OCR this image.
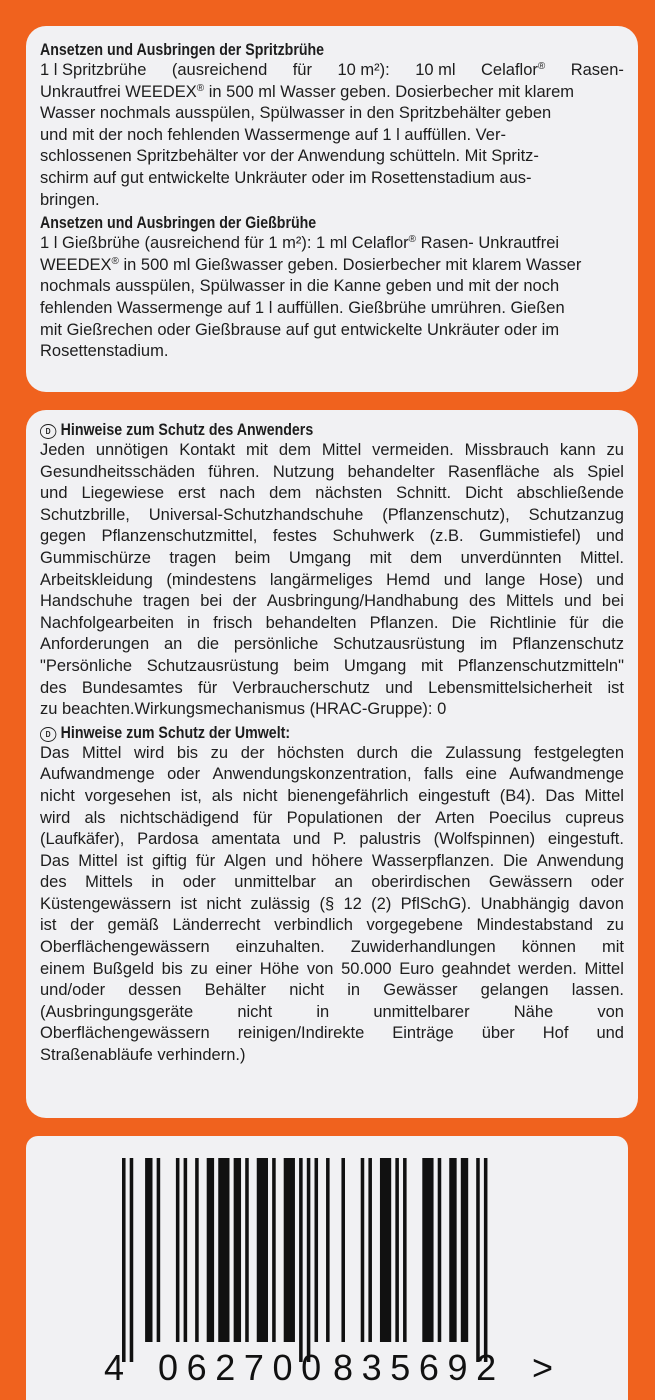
Ansetzen und Ausbringen der Spritzbrühe
1 l Spritzbrühe (ausreichend für 10 m²): 10 ml Celaflor® Rasen-
Unkrautfrei WEEDEX® in 500 ml Wasser geben. Dosierbecher mit klarem
Wasser nochmals ausspülen, Spülwasser in den Spritzbehälter geben
und mit der noch fehlenden Wassermenge auf 1 l auffüllen. Ver-
schlossenen Spritzbehälter vor der Anwendung schütteln. Mit Spritz-
schirm auf gut entwickelte Unkräuter oder im Rosettenstadium aus-
bringen.
Ansetzen und Ausbringen der Gießbrühe
1 l Gießbrühe (ausreichend für 1 m²): 1 ml Celaflor® Rasen- Unkrautfrei
WEEDEX® in 500 ml Gießwasser geben. Dosierbecher mit klarem Wasser
nochmals ausspülen, Spülwasser in die Kanne geben und mit der noch
fehlenden Wassermenge auf 1 l auffüllen. Gießbrühe umrühren. Gießen
mit Gießrechen oder Gießbrause auf gut entwickelte Unkräuter oder im
Rosettenstadium.
D Hinweise zum Schutz des Anwenders
Jeden unnötigen Kontakt mit dem Mittel vermeiden. Missbrauch kann zu
Gesundheitsschäden führen. Nutzung behandelter Rasenfläche als Spiel
und Liegewiese erst nach dem nächsten Schnitt. Dicht abschließende
Schutzbrille, Universal-Schutzhandschuhe (Pflanzenschutz), Schutzanzug
gegen Pflanzenschutzmittel, festes Schuhwerk (z.B. Gummistiefel) und
Gummischürze tragen beim Umgang mit dem unverdünnten Mittel.
Arbeitskleidung (mindestens langärmeliges Hemd und lange Hose) und
Handschuhe tragen bei der Ausbringung/Handhabung des Mittels und bei
Nachfolgearbeiten in frisch behandelten Pflanzen. Die Richtlinie für die
Anforderungen an die persönliche Schutzausrüstung im Pflanzenschutz
"Persönliche Schutzausrüstung beim Umgang mit Pflanzenschutzmitteln"
des Bundesamtes für Verbraucherschutz und Lebensmittelsicherheit ist
zu beachten.Wirkungsmechanismus (HRAC-Gruppe): 0
D Hinweise zum Schutz der Umwelt:
Das Mittel wird bis zu der höchsten durch die Zulassung festgelegten
Aufwandmenge oder Anwendungskonzentration, falls eine Aufwandmenge
nicht vorgesehen ist, als nicht bienengefährlich eingestuft (B4). Das Mittel
wird als nichtschädigend für Populationen der Arten Poecilus cupreus
(Laufkäfer), Pardosa amentata und P. palustris (Wolfspinnen) eingestuft.
Das Mittel ist giftig für Algen und höhere Wasserpflanzen. Die Anwendung
des Mittels in oder unmittelbar an oberirdischen Gewässern oder
Küstengewässern ist nicht zulässig (§ 12 (2) PflSchG). Unabhängig davon
ist der gemäß Länderrecht verbindlich vorgegebene Mindestabstand zu
Oberflächengewässern einzuhalten. Zuwiderhandlungen können mit
einem Bußgeld bis zu einer Höhe von 50.000 Euro geahndet werden. Mittel
und/oder dessen Behälter nicht in Gewässer gelangen lassen.
(Ausbringungsgeräte	nicht	in	unmittelbarer	Nähe	von
Oberflächengewässern reinigen/Indirekte Einträge über Hof und
Straßenabläufe verhindern.)
4 062700 835692 >
